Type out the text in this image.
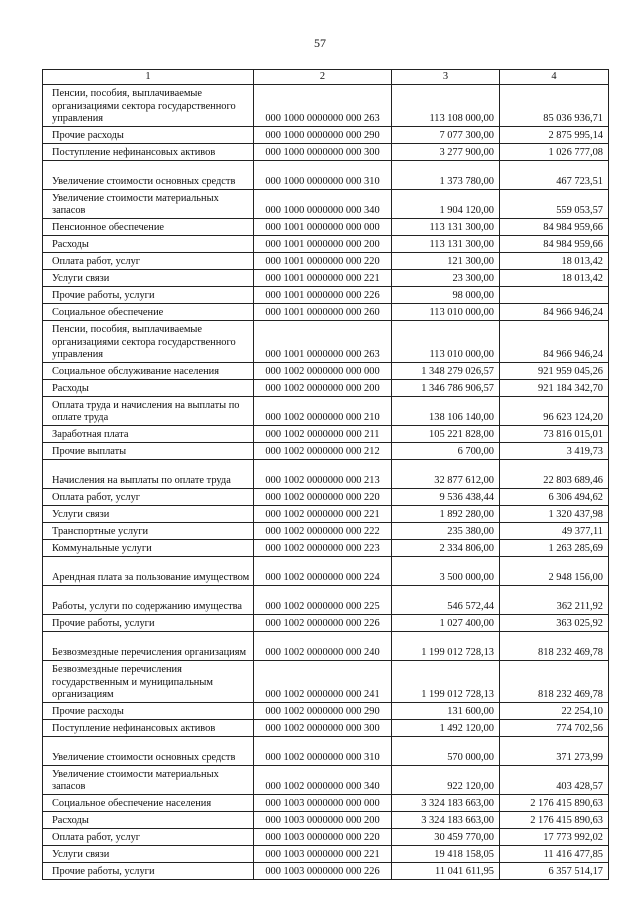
57
1	2	3	4
Пенсии, пособия, выплачиваемые организациями сектора государственного управления	000 1000 0000000 000 263	113 108 000,00	85 036 936,71
Прочие расходы	000 1000 0000000 000 290	7 077 300,00	2 875 995,14
Поступление нефинансовых активов	000 1000 0000000 000 300	3 277 900,00	1 026 777,08
Увеличение стоимости основных средств	000 1000 0000000 000 310	1 373 780,00	467 723,51
Увеличение стоимости материальных запасов	000 1000 0000000 000 340	1 904 120,00	559 053,57
Пенсионное обеспечение	000 1001 0000000 000 000	113 131 300,00	84 984 959,66
Расходы	000 1001 0000000 000 200	113 131 300,00	84 984 959,66
Оплата работ, услуг	000 1001 0000000 000 220	121 300,00	18 013,42
Услуги связи	000 1001 0000000 000 221	23 300,00	18 013,42
Прочие работы, услуги	000 1001 0000000 000 226	98 000,00	
Социальное обеспечение	000 1001 0000000 000 260	113 010 000,00	84 966 946,24
Пенсии, пособия, выплачиваемые организациями сектора государственного управления	000 1001 0000000 000 263	113 010 000,00	84 966 946,24
Социальное обслуживание населения	000 1002 0000000 000 000	1 348 279 026,57	921 959 045,26
Расходы	000 1002 0000000 000 200	1 346 786 906,57	921 184 342,70
Оплата труда и начисления на выплаты по оплате труда	000 1002 0000000 000 210	138 106 140,00	96 623 124,20
Заработная плата	000 1002 0000000 000 211	105 221 828,00	73 816 015,01
Прочие выплаты	000 1002 0000000 000 212	6 700,00	3 419,73
Начисления на выплаты по оплате труда	000 1002 0000000 000 213	32 877 612,00	22 803 689,46
Оплата работ, услуг	000 1002 0000000 000 220	9 536 438,44	6 306 494,62
Услуги связи	000 1002 0000000 000 221	1 892 280,00	1 320 437,98
Транспортные услуги	000 1002 0000000 000 222	235 380,00	49 377,11
Коммунальные услуги	000 1002 0000000 000 223	2 334 806,00	1 263 285,69
Арендная плата за пользование имуществом	000 1002 0000000 000 224	3 500 000,00	2 948 156,00
Работы, услуги по содержанию имущества	000 1002 0000000 000 225	546 572,44	362 211,92
Прочие работы, услуги	000 1002 0000000 000 226	1 027 400,00	363 025,92
Безвозмездные перечисления организациям	000 1002 0000000 000 240	1 199 012 728,13	818 232 469,78
Безвозмездные перечисления государственным и муниципальным организациям	000 1002 0000000 000 241	1 199 012 728,13	818 232 469,78
Прочие расходы	000 1002 0000000 000 290	131 600,00	22 254,10
Поступление нефинансовых активов	000 1002 0000000 000 300	1 492 120,00	774 702,56
Увеличение стоимости основных средств	000 1002 0000000 000 310	570 000,00	371 273,99
Увеличение стоимости материальных запасов	000 1002 0000000 000 340	922 120,00	403 428,57
Социальное обеспечение населения	000 1003 0000000 000 000	3 324 183 663,00	2 176 415 890,63
Расходы	000 1003 0000000 000 200	3 324 183 663,00	2 176 415 890,63
Оплата работ, услуг	000 1003 0000000 000 220	30 459 770,00	17 773 992,02
Услуги связи	000 1003 0000000 000 221	19 418 158,05	11 416 477,85
Прочие работы, услуги	000 1003 0000000 000 226	11 041 611,95	6 357 514,17
